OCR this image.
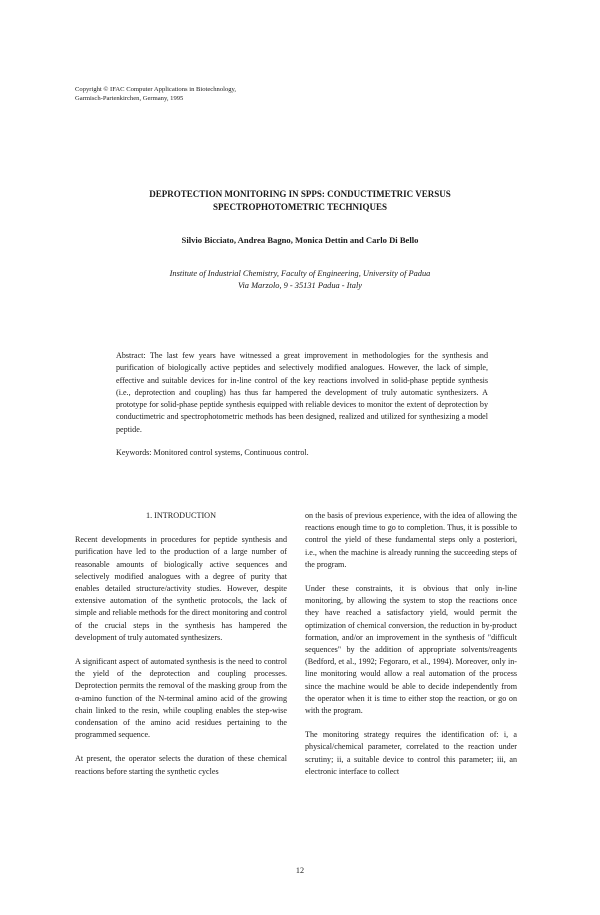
Copyright © IFAC Computer Applications in Biotechnology,
Garmisch-Partenkirchen, Germany, 1995
DEPROTECTION MONITORING IN SPPS: CONDUCTIMETRIC VERSUS
SPECTROPHOTOMETRIC TECHNIQUES
Silvio Bicciato, Andrea Bagno, Monica Dettin and Carlo Di Bello
Institute of Industrial Chemistry, Faculty of Engineering, University of Padua
Via Marzolo, 9 - 35131 Padua - Italy
Abstract: The last few years have witnessed a great improvement in methodologies for the synthesis and purification of biologically active peptides and selectively modified analogues. However, the lack of simple, effective and suitable devices for in-line control of the key reactions involved in solid-phase peptide synthesis (i.e., deprotection and coupling) has thus far hampered the development of truly automatic synthesizers. A prototype for solid-phase peptide synthesis equipped with reliable devices to monitor the extent of deprotection by conductimetric and spectrophotometric methods has been designed, realized and utilized for synthesizing a model peptide.
Keywords: Monitored control systems, Continuous control.
1. INTRODUCTION

Recent developments in procedures for peptide synthesis and purification have led to the production of a large number of reasonable amounts of biologically active sequences and selectively modified analogues with a degree of purity that enables detailed structure/activity studies. However, despite extensive automation of the synthetic protocols, the lack of simple and reliable methods for the direct monitoring and control of the crucial steps in the synthesis has hampered the development of truly automated synthesizers.

A significant aspect of automated synthesis is the need to control the yield of the deprotection and coupling processes. Deprotection permits the removal of the masking group from the α-amino function of the N-terminal amino acid of the growing chain linked to the resin, while coupling enables the step-wise condensation of the amino acid residues pertaining to the programmed sequence.

At present, the operator selects the duration of these chemical reactions before starting the synthetic cycles

on the basis of previous experience, with the idea of allowing the reactions enough time to go to completion. Thus, it is possible to control the yield of these fundamental steps only a posteriori, i.e., when the machine is already running the succeeding steps of the program.

Under these constraints, it is obvious that only in-line monitoring, by allowing the system to stop the reactions once they have reached a satisfactory yield, would permit the optimization of chemical conversion, the reduction in by-product formation, and/or an improvement in the synthesis of "difficult sequences" by the addition of appropriate solvents/reagents (Bedford, et al., 1992; Fegoraro, et al., 1994). Moreover, only in-line monitoring would allow a real automation of the process since the machine would be able to decide independently from the operator when it is time to either stop the reaction, or go on with the program.

The monitoring strategy requires the identification of: i, a physical/chemical parameter, correlated to the reaction under scrutiny; ii, a suitable device to control this parameter; iii, an electronic interface to collect

12
